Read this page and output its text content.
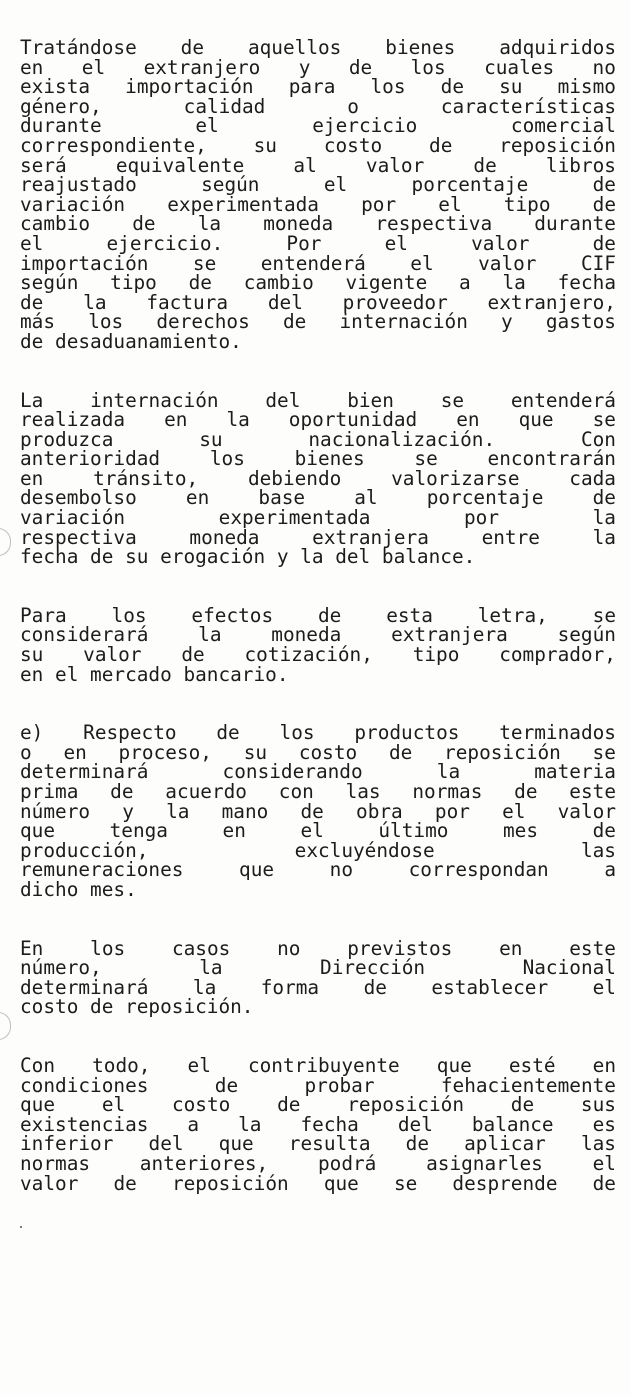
Tratándose de aquellos bienes adquiridos
en el extranjero y de los cuales no
exista importación para los de su mismo
género,	calidad	o	características
durante	el	ejercicio	comercial
correspondiente, su costo de reposición
será	equivalente	al	valor	de	libros
reajustado	según	el	porcentaje	de
variación experimentada por el tipo de
cambio de la moneda respectiva durante
el	ejercicio.	Por	el	valor	de
importación se entenderá el valor CIF
según tipo de cambio vigente a la fecha
de la factura del proveedor extranjero,
más los derechos de internación y gastos
de desaduanamiento.
La internación del bien se entenderá
realizada en la oportunidad en que se
produzca	su	nacionalización.	Con
anterioridad	los	bienes	se	encontrarán
en	tránsito,	debiendo	valorizarse	cada
desembolso	en	base	al	porcentaje	de
variación	experimentada	por	la
respectiva	moneda	extranjera	entre	la
fecha de su erogación y la del balance.
Para los efectos de esta letra, se
considerará	la	moneda	extranjera	según
su valor de cotización, tipo comprador,
en el mercado bancario.
e) Respecto de los productos terminados
o en proceso, su costo de reposición se
determinará	considerando	la	materia
prima de acuerdo con las normas de este
número y la mano de obra por el valor
que	tenga	en	el	último	mes	de
producción,	excluyéndose	las
remuneraciones	que	no	correspondan	a
dicho mes.
En los casos no previstos en este
número,	la	Dirección	Nacional
determinará la forma de establecer el
costo de reposición.
Con todo, el contribuyente que esté en
condiciones	de	probar	fehacientemente
que el costo de reposición de sus
existencias a la fecha del balance es
inferior del que resulta de aplicar las
normas	anteriores,	podrá	asignarles	el
valor de reposición que se desprende de
